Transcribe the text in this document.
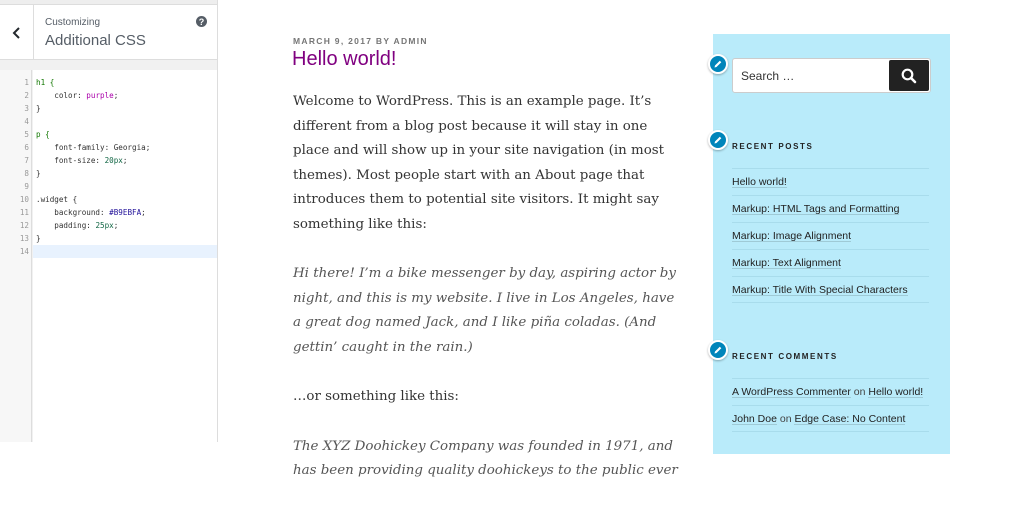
Customizing
Additional CSS
?
1 h1 {
2 color: purple;
3 }
4
5 p {
6 font-family: Georgia;
7 font-size: 20px;
8 }
9
10 .widget {
11 background: #B9EBFA;
12 padding: 25px;
13 }
14
MARCH 9, 2017 BY ADMIN
Hello world!

Welcome to WordPress. This is an example page. It’s different from a blog post because it will stay in one place and will show up in your site navigation (in most themes). Most people start with an About page that introduces them to potential site visitors. It might say something like this:

Hi there! I’m a bike messenger by day, aspiring actor by night, and this is my website. I live in Los Angeles, have a great dog named Jack, and I like piña coladas. (And gettin’ caught in the rain.)

…or something like this:

The XYZ Doohickey Company was founded in 1971, and has been providing quality doohickeys to the public ever

Search …
RECENT POSTS
Hello world!
Markup: HTML Tags and Formatting
Markup: Image Alignment
Markup: Text Alignment
Markup: Title With Special Characters
RECENT COMMENTS
A WordPress Commenter on Hello world!
John Doe on Edge Case: No Content
